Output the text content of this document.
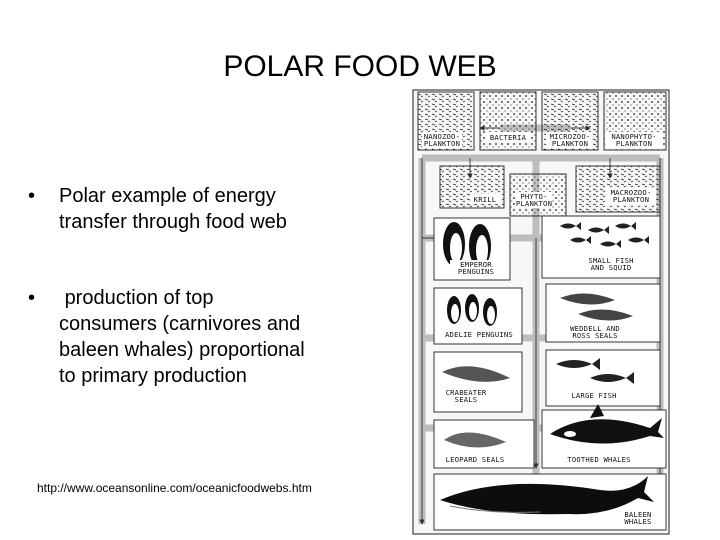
POLAR FOOD WEB
• Polar example of energy transfer through food web
• production of top consumers (carnivores and baleen whales) proportional to primary production
http://www.oceansonline.com/oceanicfoodwebs.htm
NANOZOO-
PLANKTON
BACTERIA	MICROZOO-
PLANKTON
NANOPHYTO-
PLANKTON
KRILL	PHYTO-
PLANKTON
MACROZOO-
PLANKTON
EMPEROR
PENGUINS
SMALL FISH
AND SQUID
ADELIE PENGUINS
WEDDELL AND
ROSS SEALS
CRABEATER
SEALS	LARGE FISH
LEOPARD SEALS	TOOTHED WHALES
BALEEN
WHALES
